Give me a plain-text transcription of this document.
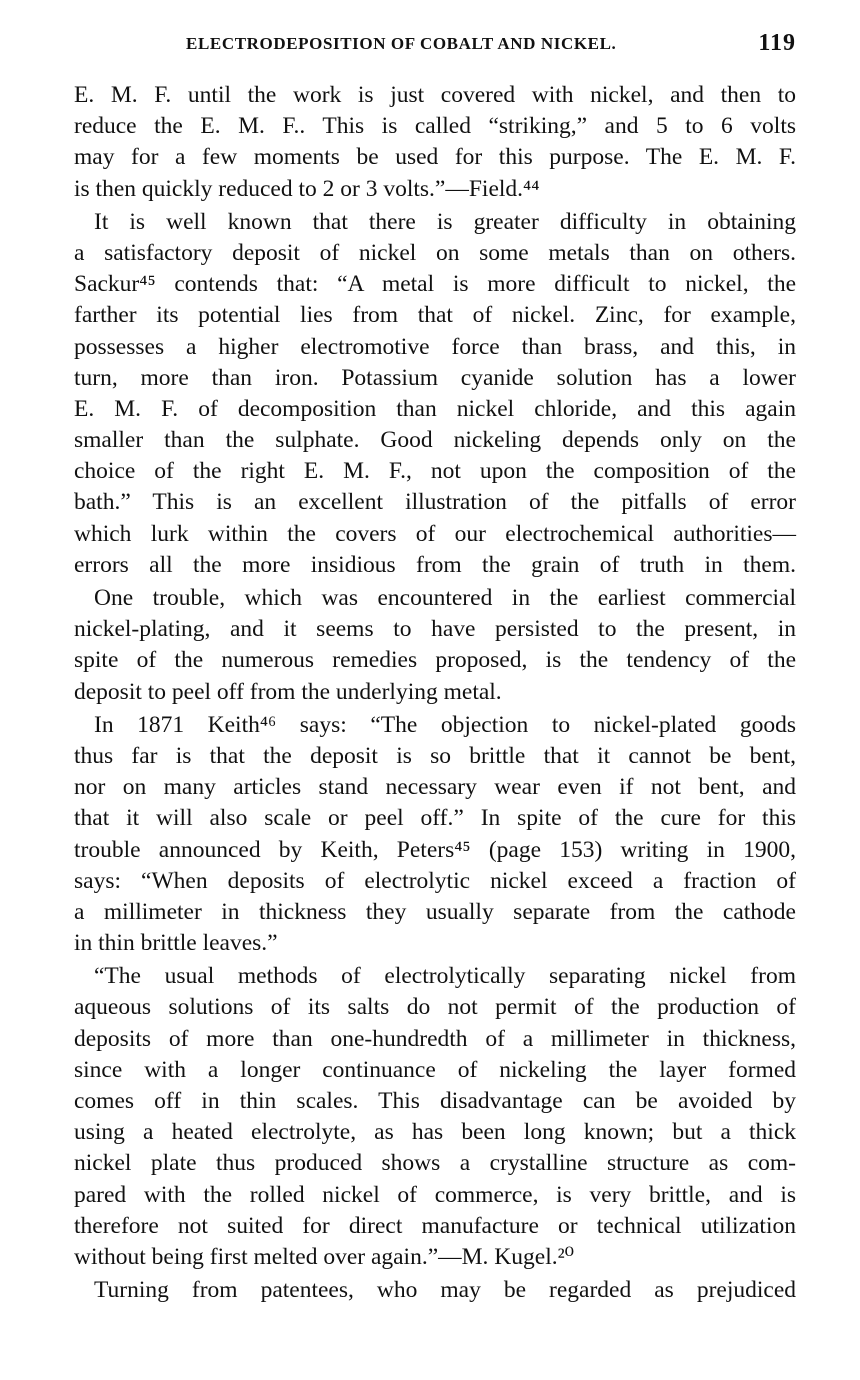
ELECTRODEPOSITION OF COBALT AND NICKEL.	119
E. M. F. until the work is just covered with nickel, and then to
reduce the E. M. F.. This is called “striking,” and 5 to 6 volts
may for a few moments be used for this purpose. The E. M. F.
is then quickly reduced to 2 or 3 volts.”—Field.⁴⁴
It is well known that there is greater difficulty in obtaining
a satisfactory deposit of nickel on some metals than on others.
Sackur⁴⁵ contends that: “A metal is more difficult to nickel, the
farther its potential lies from that of nickel. Zinc, for example,
possesses a higher electromotive force than brass, and this, in
turn, more than iron. Potassium cyanide solution has a lower
E. M. F. of decomposition than nickel chloride, and this again
smaller than the sulphate. Good nickeling depends only on the
choice of the right E. M. F., not upon the composition of the
bath.” This is an excellent illustration of the pitfalls of error
which lurk within the covers of our electrochemical authorities—
errors all the more insidious from the grain of truth in them.
One trouble, which was encountered in the earliest commercial
nickel-plating, and it seems to have persisted to the present, in
spite of the numerous remedies proposed, is the tendency of the
deposit to peel off from the underlying metal.
In 1871 Keith⁴⁶ says: “The objection to nickel-plated goods
thus far is that the deposit is so brittle that it cannot be bent,
nor on many articles stand necessary wear even if not bent, and
that it will also scale or peel off.” In spite of the cure for this
trouble announced by Keith, Peters⁴⁵ (page 153) writing in 1900,
says: “When deposits of electrolytic nickel exceed a fraction of
a millimeter in thickness they usually separate from the cathode
in thin brittle leaves.”
“The usual methods of electrolytically separating nickel from
aqueous solutions of its salts do not permit of the production of
deposits of more than one-hundredth of a millimeter in thickness,
since with a longer continuance of nickeling the layer formed
comes off in thin scales. This disadvantage can be avoided by
using a heated electrolyte, as has been long known; but a thick
nickel plate thus produced shows a crystalline structure as com-
pared with the rolled nickel of commerce, is very brittle, and is
therefore not suited for direct manufacture or technical utilization
without being first melted over again.”—M. Kugel.²⁰
Turning from patentees, who may be regarded as prejudiced
